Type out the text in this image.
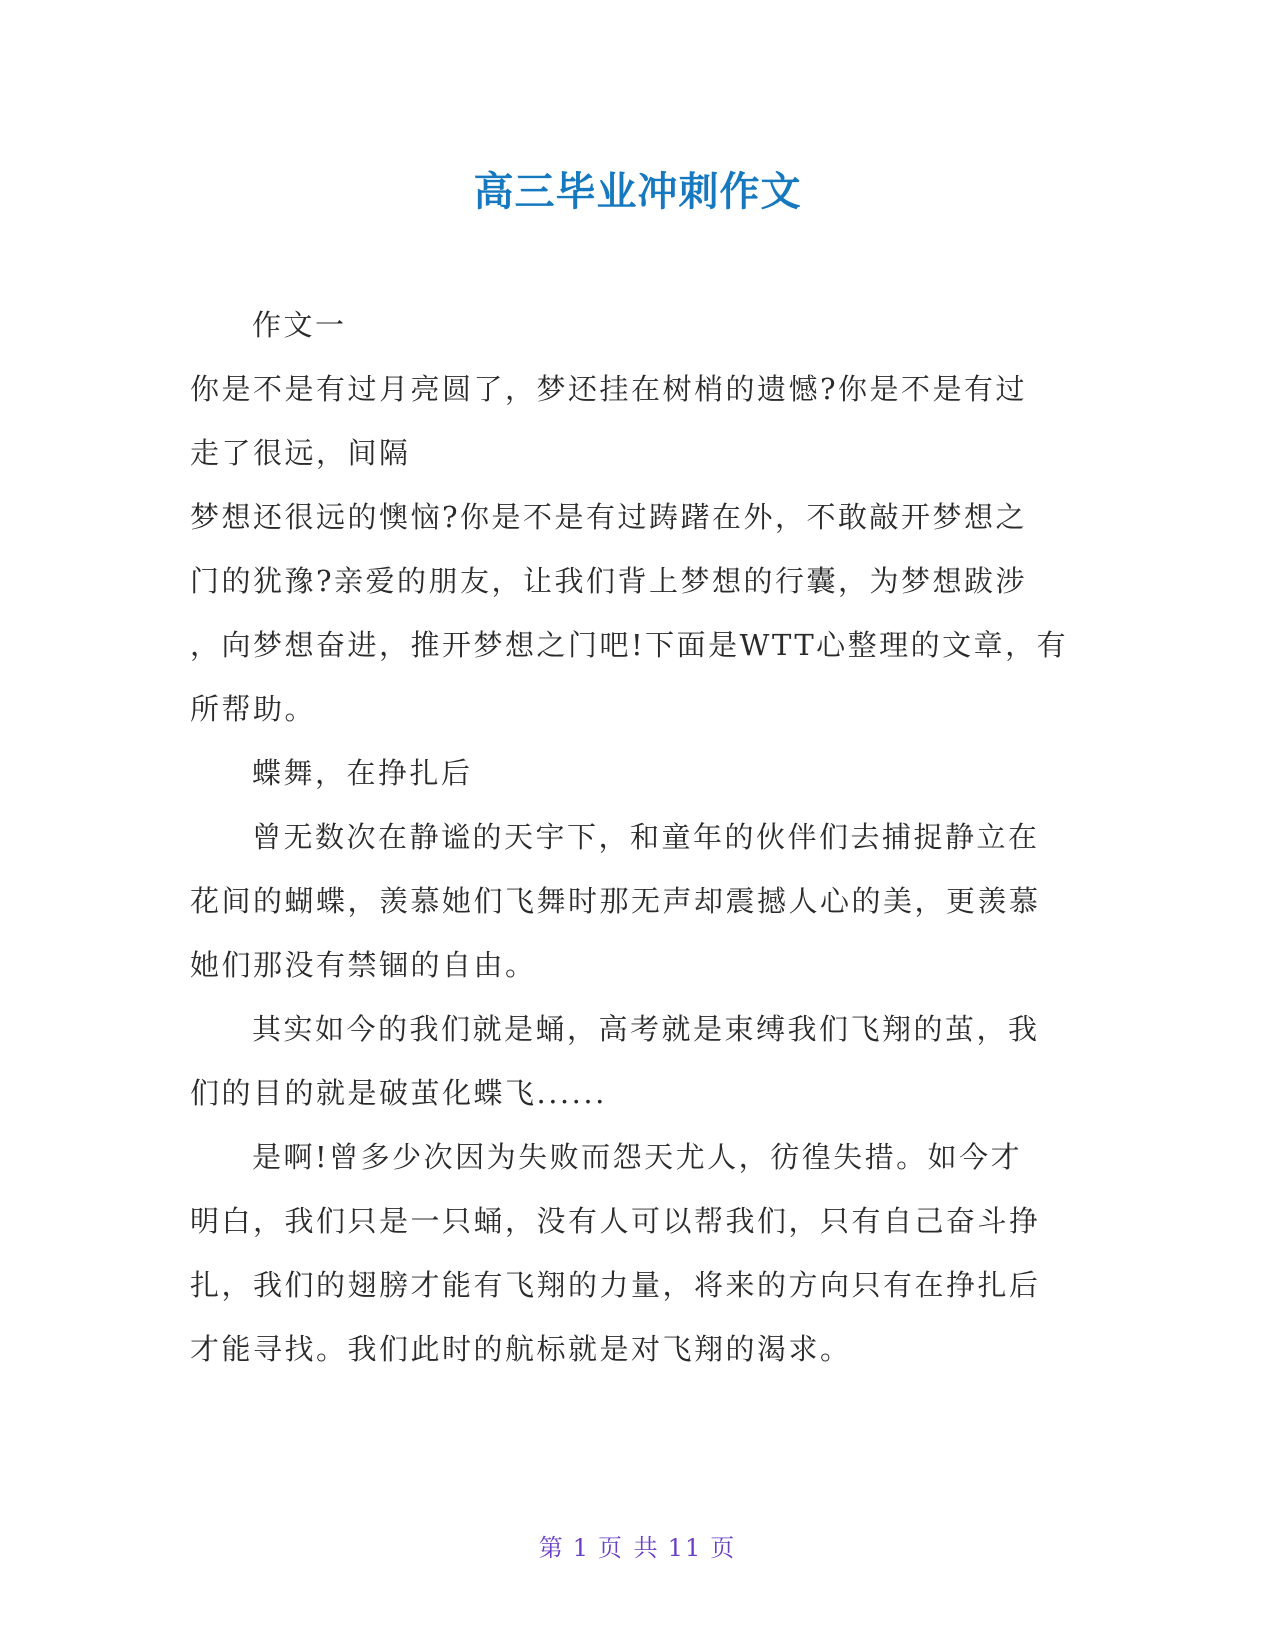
高三毕业冲刺作文

作文一

你是不是有过月亮圆了，梦还挂在树梢的遗憾?你是不是有过

走了很远，间隔

梦想还很远的懊恼?你是不是有过踌躇在外，不敢敲开梦想之

门的犹豫?亲爱的朋友，让我们背上梦想的行囊，为梦想跋涉

，向梦想奋进，推开梦想之门吧!下面是WTT心整理的文章，有

所帮助。

蝶舞，在挣扎后

曾无数次在静谧的天宇下，和童年的伙伴们去捕捉静立在

花间的蝴蝶，羡慕她们飞舞时那无声却震撼人心的美，更羡慕

她们那没有禁锢的自由。

其实如今的我们就是蛹，高考就是束缚我们飞翔的茧，我

们的目的就是破茧化蝶飞......

是啊!曾多少次因为失败而怨天尤人，彷徨失措。如今才

明白，我们只是一只蛹，没有人可以帮我们，只有自己奋斗挣

扎，我们的翅膀才能有飞翔的力量，将来的方向只有在挣扎后

才能寻找。我们此时的航标就是对飞翔的渴求。

第 1 页 共 11 页
